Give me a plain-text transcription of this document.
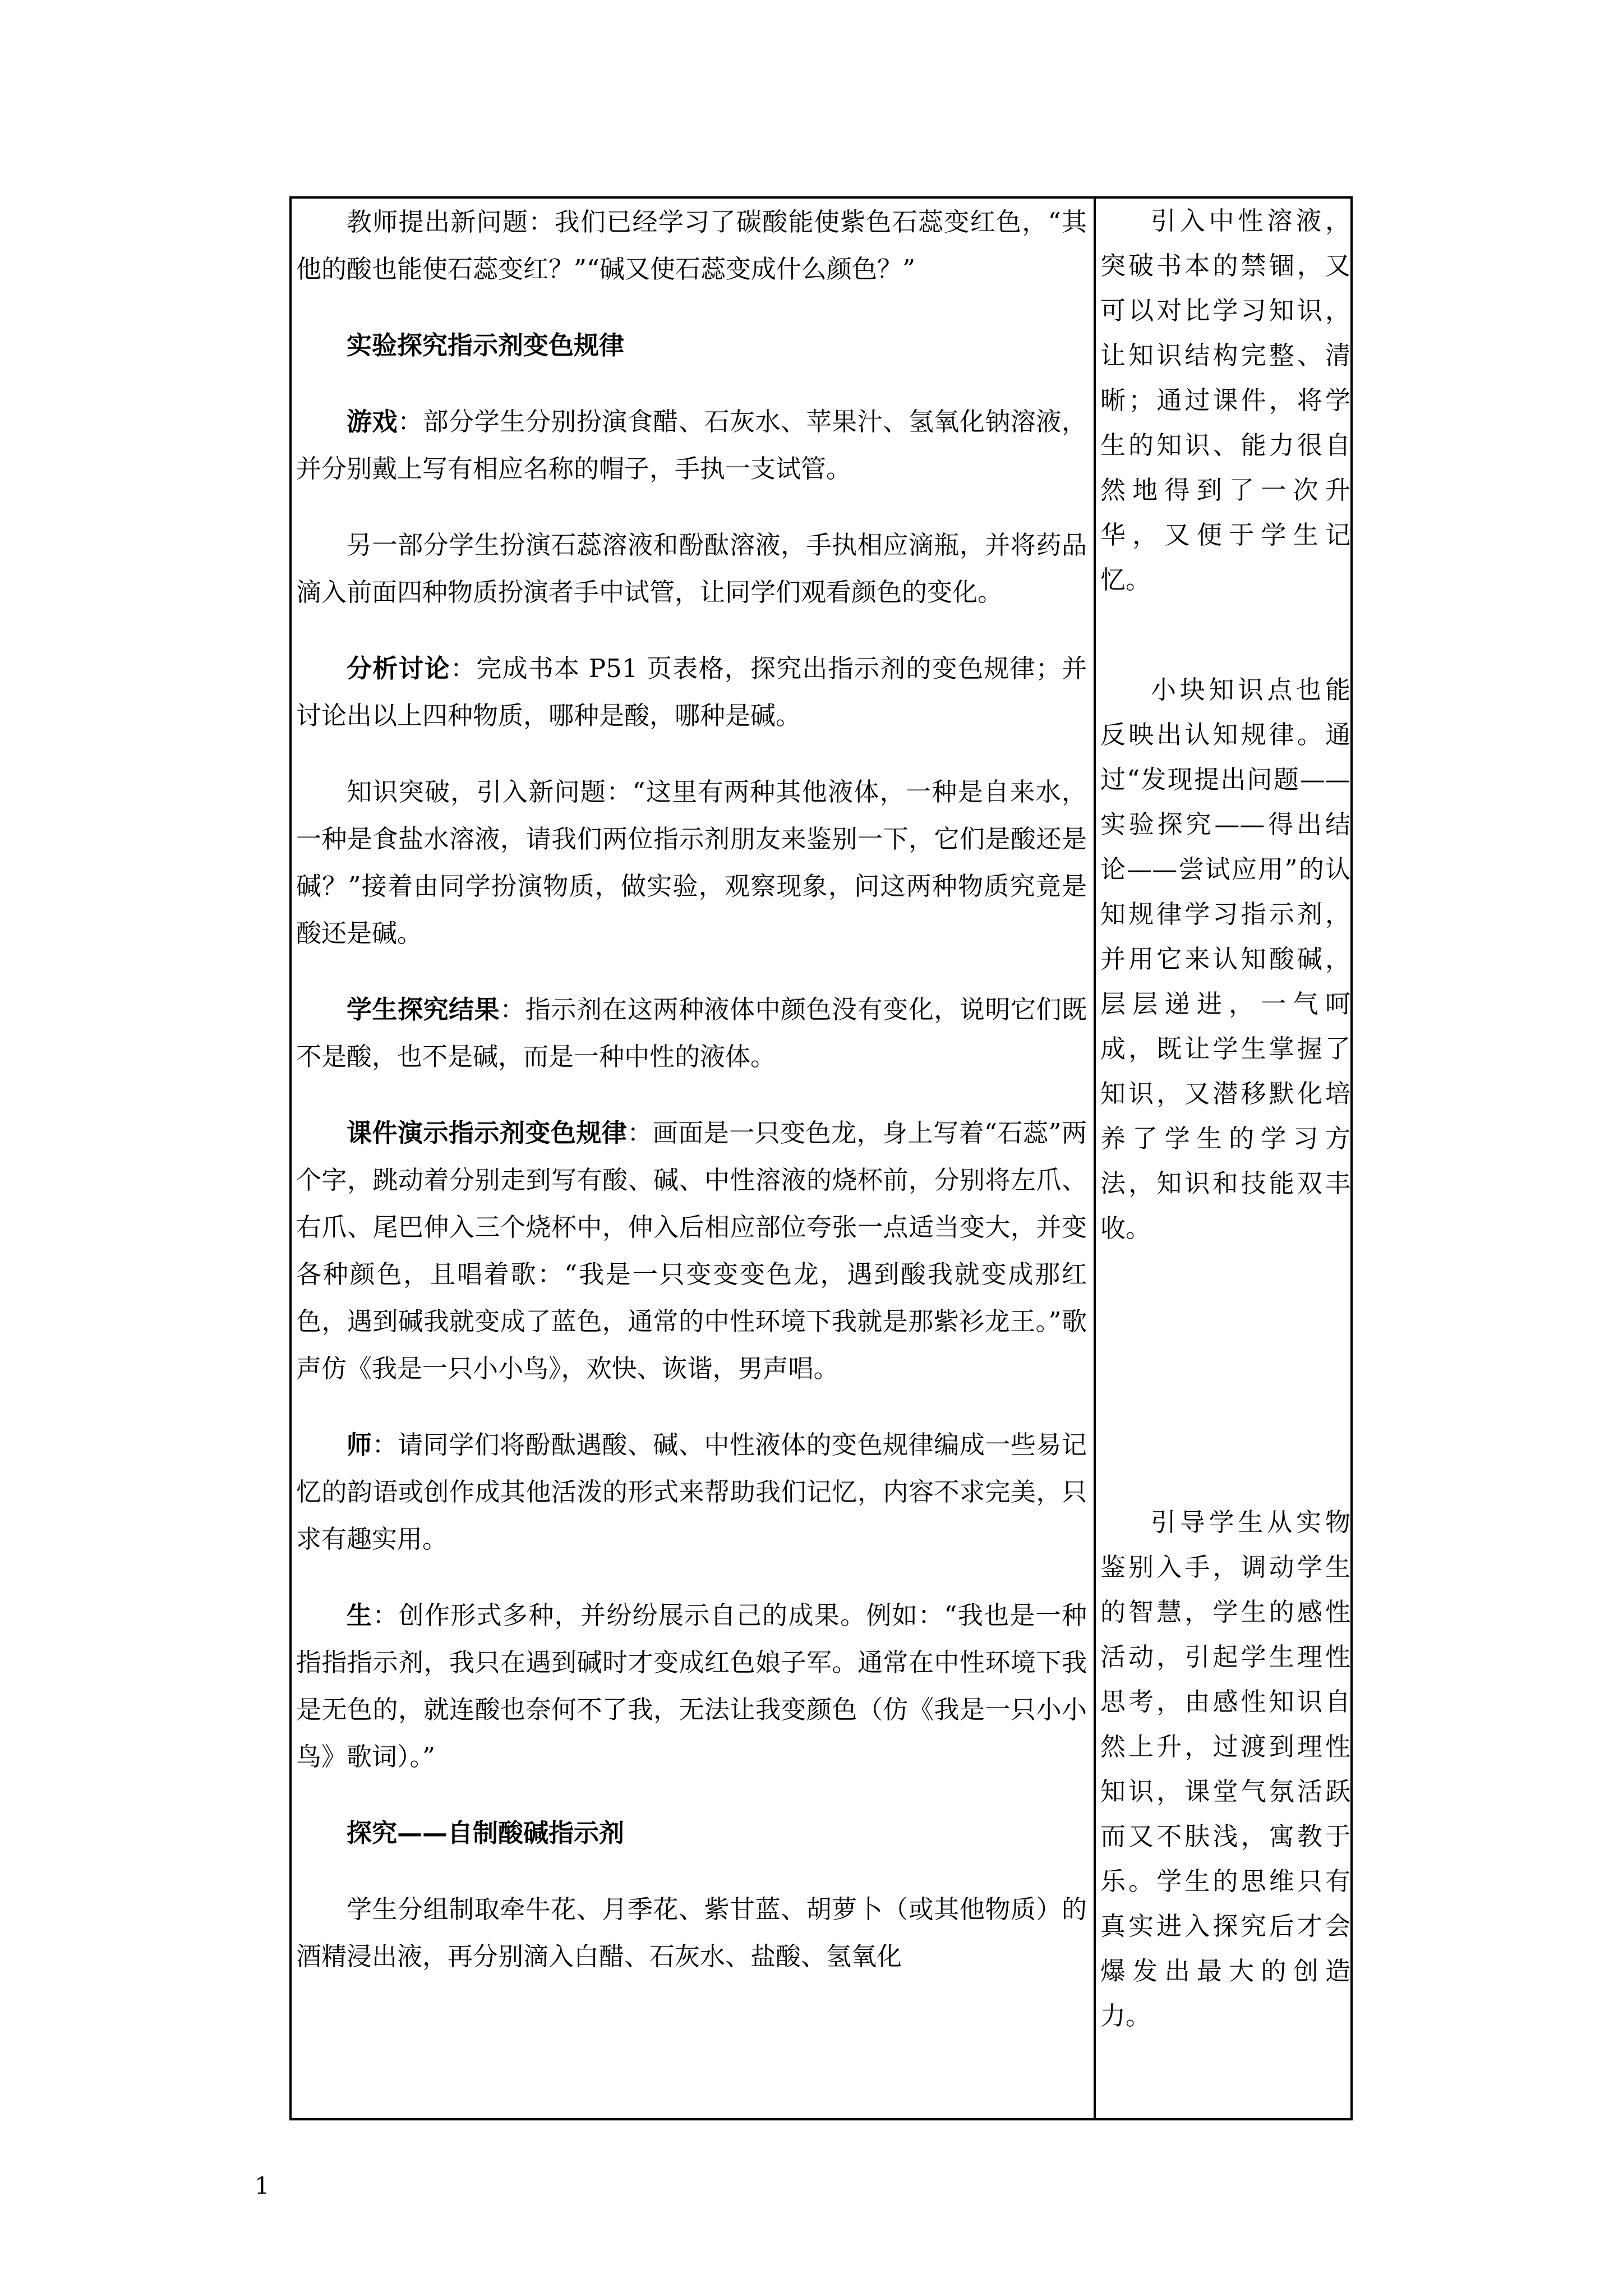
教师提出新问题：我们已经学习了碳酸能使紫色石蕊变红色，“其他的酸也能使石蕊变红？”“碱又使石蕊变成什么颜色？”

实验探究指示剂变色规律

游戏：部分学生分别扮演食醋、石灰水、苹果汁、氢氧化钠溶液，并分别戴上写有相应名称的帽子，手执一支试管。

另一部分学生扮演石蕊溶液和酚酞溶液，手执相应滴瓶，并将药品滴入前面四种物质扮演者手中试管，让同学们观看颜色的变化。

分析讨论：完成书本 P51 页表格，探究出指示剂的变色规律；并讨论出以上四种物质，哪种是酸，哪种是碱。

知识突破，引入新问题：“这里有两种其他液体，一种是自来水，一种是食盐水溶液，请我们两位指示剂朋友来鉴别一下，它们是酸还是碱？”接着由同学扮演物质，做实验，观察现象，问这两种物质究竟是酸还是碱。

学生探究结果：指示剂在这两种液体中颜色没有变化，说明它们既不是酸，也不是碱，而是一种中性的液体。

课件演示指示剂变色规律：画面是一只变色龙，身上写着“石蕊”两个字，跳动着分别走到写有酸、碱、中性溶液的烧杯前，分别将左爪、右爪、尾巴伸入三个烧杯中，伸入后相应部位夸张一点适当变大，并变各种颜色，且唱着歌：“我是一只变变变色龙，遇到酸我就变成那红色，遇到碱我就变成了蓝色，通常的中性环境下我就是那紫衫龙王。”歌声仿《我是一只小小鸟》，欢快、诙谐，男声唱。

师：请同学们将酚酞遇酸、碱、中性液体的变色规律编成一些易记忆的韵语或创作成其他活泼的形式来帮助我们记忆，内容不求完美，只求有趣实用。

生：创作形式多种，并纷纷展示自己的成果。例如：“我也是一种指指指示剂，我只在遇到碱时才变成红色娘子军。通常在中性环境下我是无色的，就连酸也奈何不了我，无法让我变颜色（仿《我是一只小小鸟》歌词）。”

探究——自制酸碱指示剂

学生分组制取牵牛花、月季花、紫甘蓝、胡萝卜（或其他物质）的酒精浸出液，再分别滴入白醋、石灰水、盐酸、氢氧化

引入中性溶液，突破书本的禁锢，又可以对比学习知识，让知识结构完整、清晰；通过课件，将学生的知识、能力很自然地得到了一次升华，又便于学生记忆。

小块知识点也能反映出认知规律。通过“发现提出问题——实验探究——得出结论——尝试应用”的认知规律学习指示剂，并用它来认知酸碱，层层递进，一气呵成，既让学生掌握了知识，又潜移默化培养了学生的学习方法，知识和技能双丰收。

引导学生从实物鉴别入手，调动学生的智慧，学生的感性活动，引起学生理性思考，由感性知识自然上升，过渡到理性知识，课堂气氛活跃而又不肤浅，寓教于乐。学生的思维只有真实进入探究后才会爆发出最大的创造力。

1
